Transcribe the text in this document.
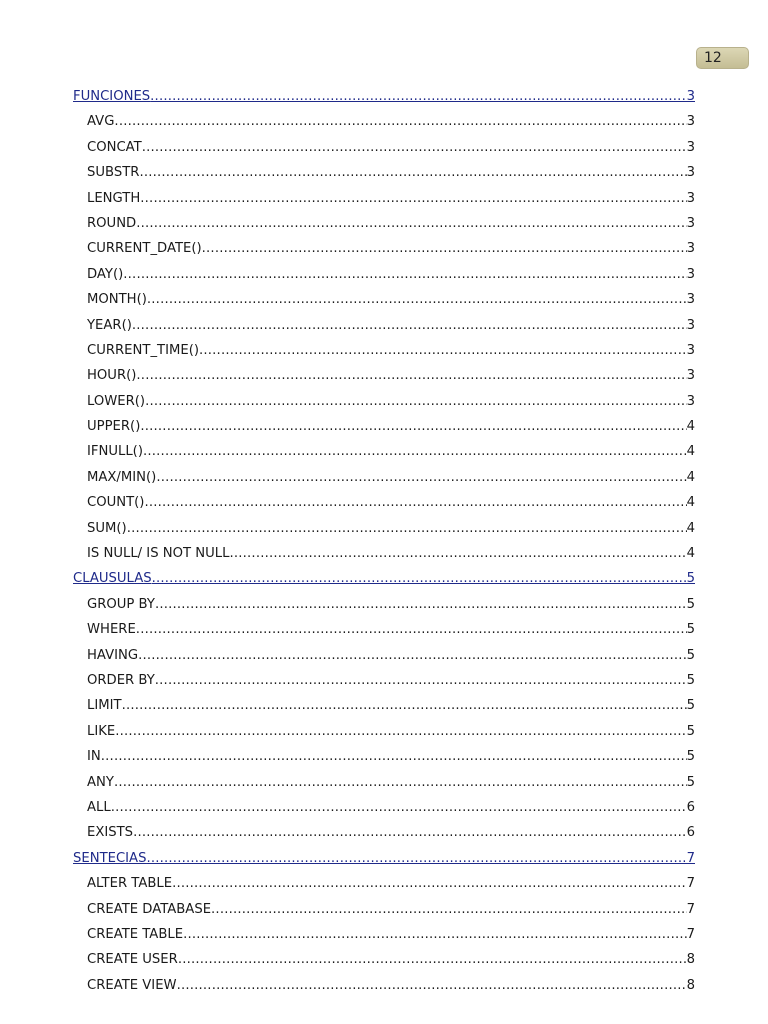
12
FUNCIONES .....	3
AVG .....	3
CONCAT .....	3
SUBSTR .....	3
LENGTH .....	3
ROUND .....	3
CURRENT_DATE() .....	3
DAY() .....	3
MONTH() .....	3
YEAR() .....	3
CURRENT_TIME() .....	3
HOUR() .....	3
LOWER() .....	3
UPPER() .....	4
IFNULL() .....	4
MAX/MIN() .....	4
COUNT() .....	4
SUM() .....	4
IS NULL/ IS NOT NULL .....	4
CLAUSULAS .....	5
GROUP BY .....	5
WHERE .....	5
HAVING .....	5
ORDER BY .....	5
LIMIT .....	5
LIKE .....	5
IN .....	5
ANY .....	5
ALL .....	6
EXISTS .....	6
SENTECIAS .....	7
ALTER TABLE .....	7
CREATE DATABASE .....	7
CREATE TABLE .....	7
CREATE USER .....	8
CREATE VIEW .....	8
